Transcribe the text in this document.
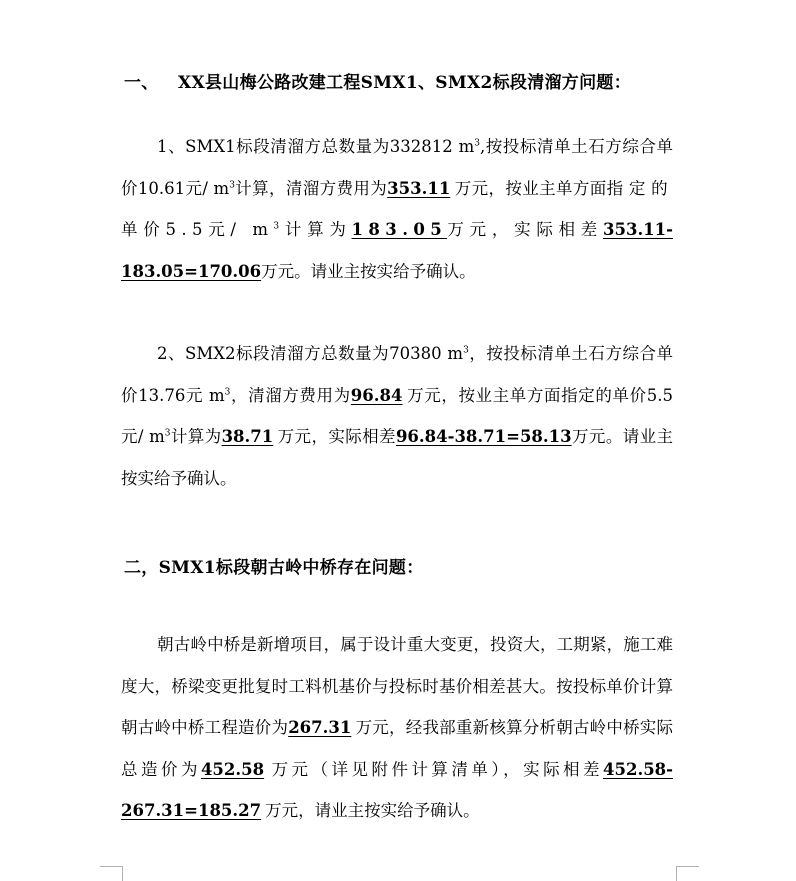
一、 XX县山梅公路改建工程SMX1、SMX2标段清溜方问题：
1、SMX1标段清溜方总数量为332812 $m^3$,按投标清单土石方综合单价10.61元/ $m^3$计算，清溜方费用为353.11 万元，按业主单方面指定的单价5.5元/ $m^3$计算为183.05万元，实际相差353.11-183.05=170.06万元。请业主按实给予确认。
2、SMX2标段清溜方总数量为70380 $m^3$，按投标清单土石方综合单价13.76元 $m^3$，清溜方费用为96.84 万元，按业主单方面指定的单价5.5元/ $m^3$计算为38.71 万元，实际相差96.84-38.71=58.13万元。请业主按实给予确认。
二，SMX1标段朝古岭中桥存在问题：
朝古岭中桥是新增项目，属于设计重大变更，投资大，工期紧，施工难度大，桥梁变更批复时工料机基价与投标时基价相差甚大。按投标单价计算朝古岭中桥工程造价为267.31 万元，经我部重新核算分析朝古岭中桥实际总造价为452.58 万元（详见附件计算清单），实际相差452.58-267.31=185.27 万元，请业主按实给予确认。
